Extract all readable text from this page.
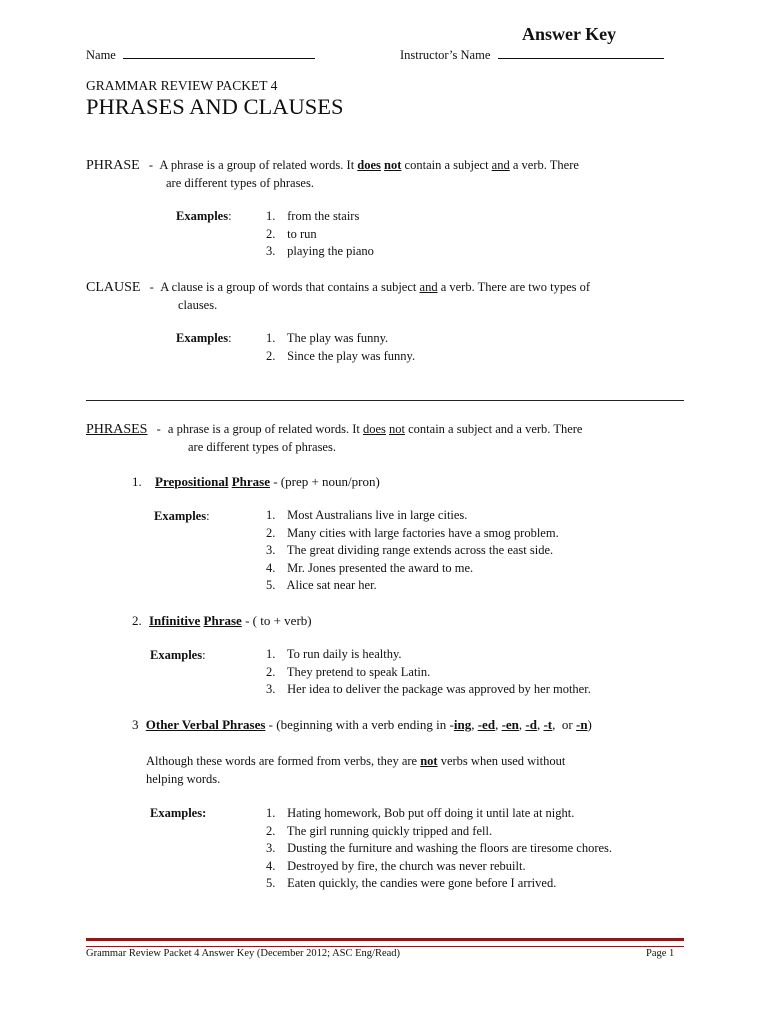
Answer Key
Name	Instructor’s Name
GRAMMAR REVIEW PACKET 4
PHRASES AND CLAUSES
PHRASE - A phrase is a group of related words. It does not contain a subject and a verb. There
are different types of phrases.
Examples:	1. from the stairs
2. to run
3. playing the piano
CLAUSE - A clause is a group of words that contains a subject and a verb. There are two types of
clauses.
Examples:	1. The play was funny.
2. Since the play was funny.
PHRASES - a phrase is a group of related words. It does not contain a subject and a verb. There
are different types of phrases.
1. Prepositional Phrase - (prep + noun/pron)
Examples:	1. Most Australians live in large cities.
2. Many cities with large factories have a smog problem.
3. The great dividing range extends across the east side.
4. Mr. Jones presented the award to me.
5. Alice sat near her.
2. Infinitive Phrase - ( to + verb)
Examples:	1. To run daily is healthy.
2. They pretend to speak Latin.
3. Her idea to deliver the package was approved by her mother.
3 Other Verbal Phrases - (beginning with a verb ending in -ing, -ed, -en, -d, -t,  or -n)
Although these words are formed from verbs, they are not verbs when used without
helping words.
Examples:	1. Hating homework, Bob put off doing it until late at night.
2. The girl running quickly tripped and fell.
3. Dusting the furniture and washing the floors are tiresome chores.
4. Destroyed by fire, the church was never rebuilt.
5. Eaten quickly, the candies were gone before I arrived.
Grammar Review Packet 4 Answer Key (December 2012; ASC Eng/Read)	Page 1
